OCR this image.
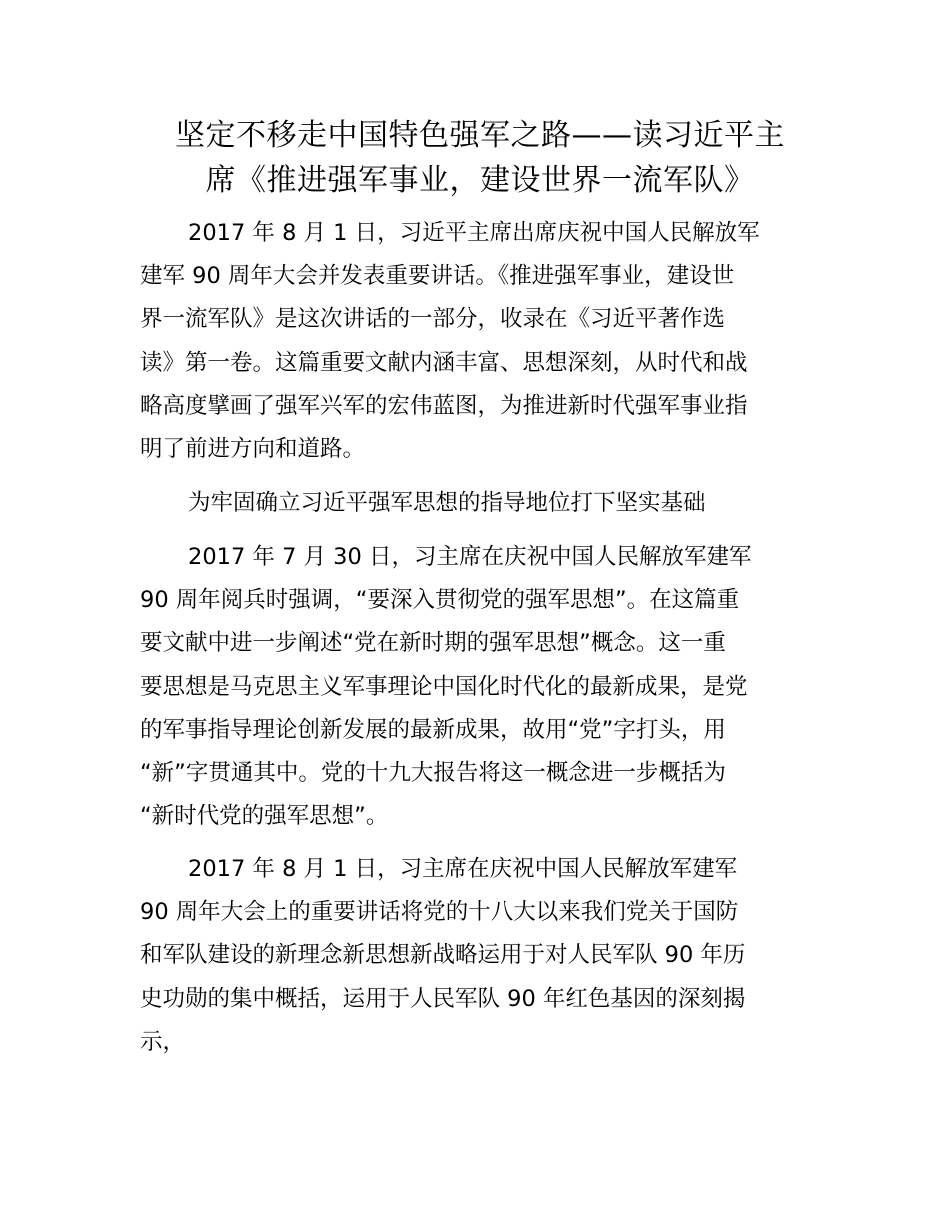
坚定不移走中国特色强军之路——读习近平主
席《推进强军事业，建设世界一流军队》

2017 年 8 月 1 日，习近平主席出席庆祝中国人民解放军
建军 90 周年大会并发表重要讲话。《推进强军事业，建设世
界一流军队》是这次讲话的一部分，收录在《习近平著作选
读》第一卷。这篇重要文献内涵丰富、思想深刻，从时代和战
略高度擘画了强军兴军的宏伟蓝图，为推进新时代强军事业指
明了前进方向和道路。

为牢固确立习近平强军思想的指导地位打下坚实基础

2017 年 7 月 30 日，习主席在庆祝中国人民解放军建军
90 周年阅兵时强调，“要深入贯彻党的强军思想”。在这篇重
要文献中进一步阐述“党在新时期的强军思想”概念。这一重
要思想是马克思主义军事理论中国化时代化的最新成果，是党
的军事指导理论创新发展的最新成果，故用“党”字打头，用
“新”字贯通其中。党的十九大报告将这一概念进一步概括为
“新时代党的强军思想”。

2017 年 8 月 1 日，习主席在庆祝中国人民解放军建军
90 周年大会上的重要讲话将党的十八大以来我们党关于国防
和军队建设的新理念新思想新战略运用于对人民军队 90 年历
史功勋的集中概括，运用于人民军队 90 年红色基因的深刻揭
示，
